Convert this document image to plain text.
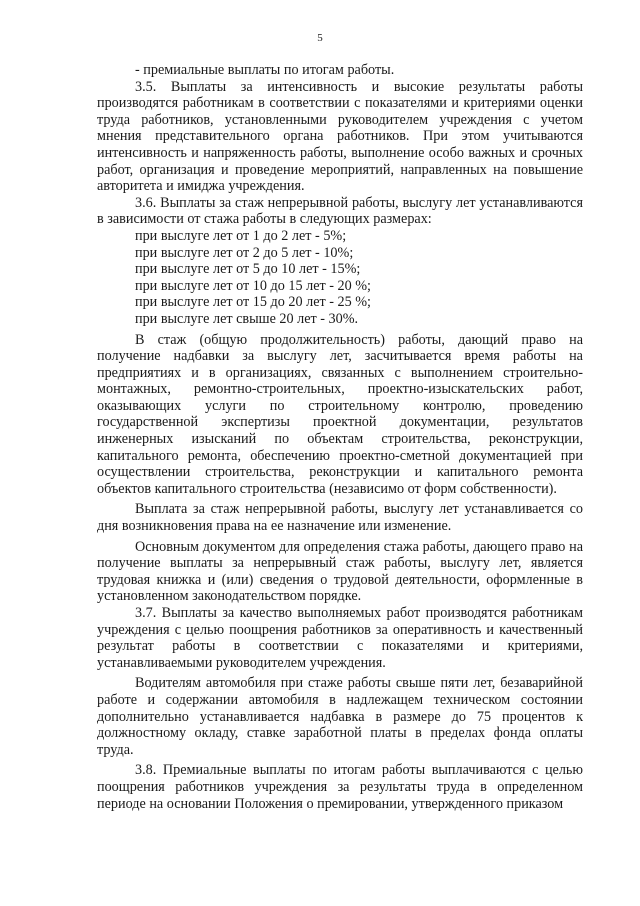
5

- премиальные выплаты по итогам работы.

3.5. Выплаты за интенсивность и высокие результаты работы производятся работникам в соответствии с показателями и критериями оценки труда работников, установленными руководителем учреждения с учетом мнения представительного органа работников. При этом учитываются интенсивность и напряженность работы, выполнение особо важных и срочных работ, организация и проведение мероприятий, направленных на повышение авторитета и имиджа учреждения.

3.6. Выплаты за стаж непрерывной работы, выслугу лет устанавливаются в зависимости от стажа работы в следующих размерах:

при выслуге лет от 1 до 2 лет - 5%;
при выслуге лет от 2 до 5 лет - 10%;
при выслуге лет от 5 до 10 лет - 15%;
при выслуге лет от 10 до 15 лет - 20 %;
при выслуге лет от 15 до 20 лет - 25 %;
при выслуге лет свыше 20 лет - 30%.

В стаж (общую продолжительность) работы, дающий право на получение надбавки за выслугу лет, засчитывается время работы на предприятиях и в организациях, связанных с выполнением строительно-монтажных, ремонтно-строительных, проектно-изыскательских работ, оказывающих услуги по строительному контролю, проведению государственной экспертизы проектной документации, результатов инженерных изысканий по объектам строительства, реконструкции, капитального ремонта, обеспечению проектно-сметной документацией при осуществлении строительства, реконструкции и капитального ремонта объектов капитального строительства (независимо от форм собственности).

Выплата за стаж непрерывной работы, выслугу лет устанавливается со дня возникновения права на ее назначение или изменение.

Основным документом для определения стажа работы, дающего право на получение выплаты за непрерывный стаж работы, выслугу лет, является трудовая книжка и (или) сведения о трудовой деятельности, оформленные в установленном законодательством порядке.

3.7. Выплаты за качество выполняемых работ производятся работникам учреждения с целью поощрения работников за оперативность и качественный результат работы в соответствии с показателями и критериями, устанавливаемыми руководителем учреждения.

Водителям автомобиля при стаже работы свыше пяти лет, безаварийной работе и содержании автомобиля в надлежащем техническом состоянии дополнительно устанавливается надбавка в размере до 75 процентов к должностному окладу, ставке заработной платы в пределах фонда оплаты труда.

3.8. Премиальные выплаты по итогам работы выплачиваются с целью поощрения работников учреждения за результаты труда в определенном периоде на основании Положения о премировании, утвержденного приказом
